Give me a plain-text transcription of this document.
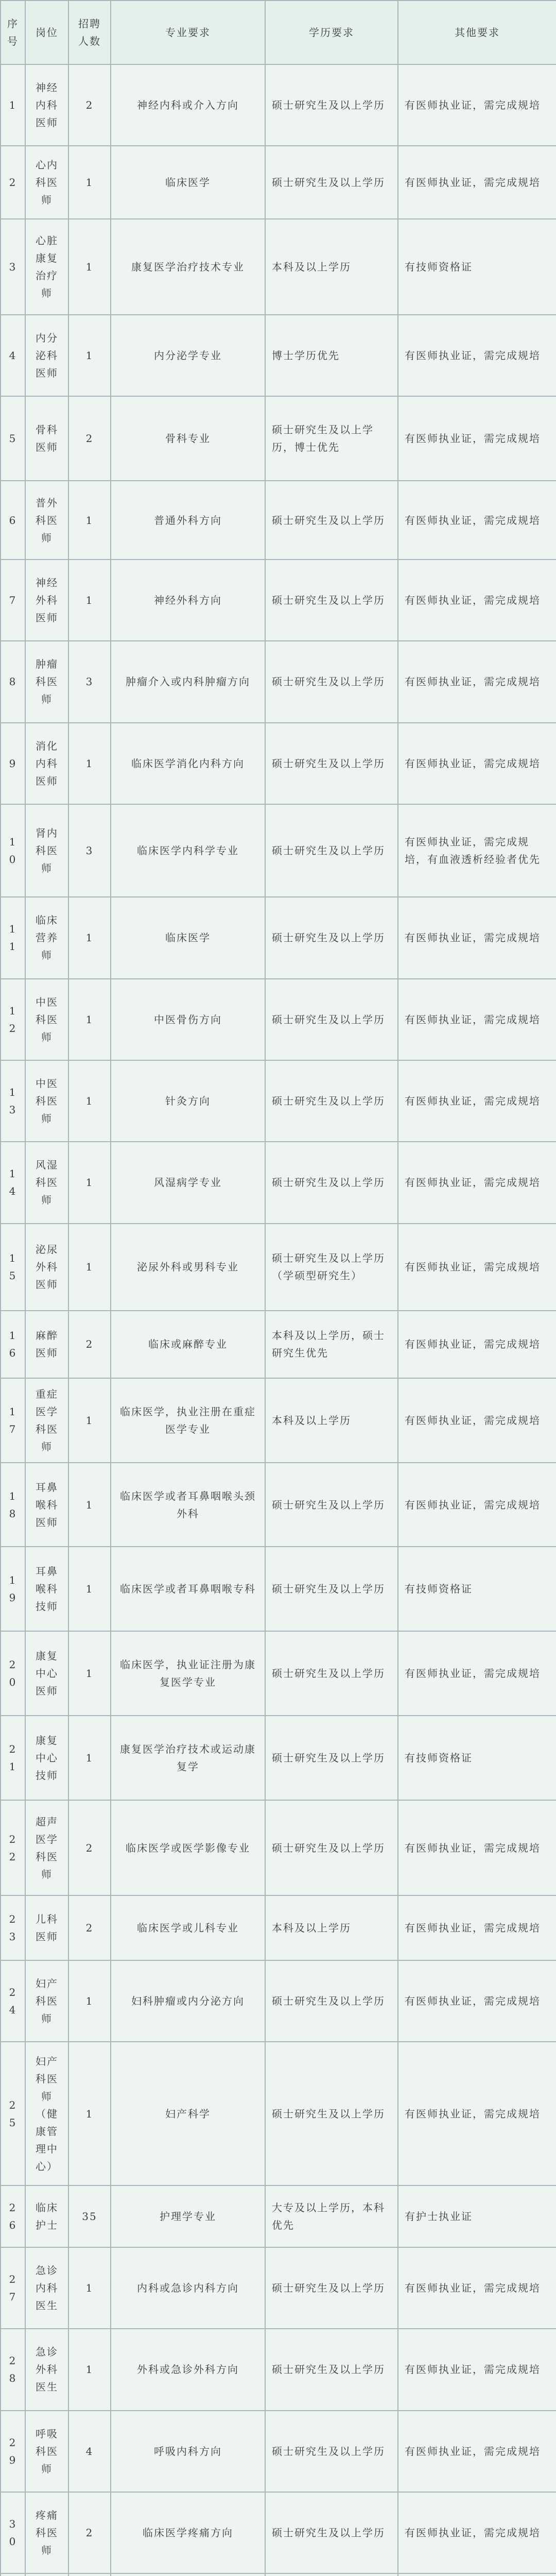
序号	岗位	招聘人数	专业要求	学历要求	其他要求
1	神经内科医师	2	神经内科或介入方向	硕士研究生及以上学历	有医师执业证，需完成规培
2	心内科医师	1	临床医学	硕士研究生及以上学历	有医师执业证，需完成规培
3	心脏康复治疗师	1	康复医学治疗技术专业	本科及以上学历	有技师资格证
4	内分泌科医师	1	内分泌学专业	博士学历优先	有医师执业证，需完成规培
5	骨科医师	2	骨科专业	硕士研究生及以上学历，博士优先	有医师执业证，需完成规培
6	普外科医师	1	普通外科方向	硕士研究生及以上学历	有医师执业证，需完成规培
7	神经外科医师	1	神经外科方向	硕士研究生及以上学历	有医师执业证，需完成规培
8	肿瘤科医师	3	肿瘤介入或内科肿瘤方向	硕士研究生及以上学历	有医师执业证，需完成规培
9	消化内科医师	1	临床医学消化内科方向	硕士研究生及以上学历	有医师执业证，需完成规培
10	肾内科医师	3	临床医学内科学专业	硕士研究生及以上学历	有医师执业证，需完成规培，有血液透析经验者优先
11	临床营养师	1	临床医学	硕士研究生及以上学历	有医师执业证，需完成规培
12	中医科医师	1	中医骨伤方向	硕士研究生及以上学历	有医师执业证，需完成规培
13	中医科医师	1	针灸方向	硕士研究生及以上学历	有医师执业证，需完成规培
14	风湿科医师	1	风湿病学专业	硕士研究生及以上学历	有医师执业证，需完成规培
15	泌尿外科医师	1	泌尿外科或男科专业	硕士研究生及以上学历（学硕型研究生）	有医师执业证，需完成规培
16	麻醉医师	2	临床或麻醉专业	本科及以上学历，硕士研究生优先	有医师执业证，需完成规培
17	重症医学科医师	1	临床医学，执业注册在重症医学专业	本科及以上学历	有医师执业证，需完成规培
18	耳鼻喉科医师	1	临床医学或者耳鼻咽喉头颈外科	硕士研究生及以上学历	有医师执业证，需完成规培
19	耳鼻喉科技师	1	临床医学或者耳鼻咽喉专科	硕士研究生及以上学历	有技师资格证
20	康复中心医师	1	临床医学，执业证注册为康复医学专业	硕士研究生及以上学历	有医师执业证，需完成规培
21	康复中心技师	1	康复医学治疗技术或运动康复学	硕士研究生及以上学历	有技师资格证
22	超声医学科医师	2	临床医学或医学影像专业	硕士研究生及以上学历	有医师执业证，需完成规培
23	儿科医师	2	临床医学或儿科专业	本科及以上学历	有医师执业证，需完成规培
24	妇产科医师	1	妇科肿瘤或内分泌方向	硕士研究生及以上学历	有医师执业证，需完成规培
25	妇产科医师（健康管理中心）	1	妇产科学	硕士研究生及以上学历	有医师执业证，需完成规培
26	临床护士	35	护理学专业	大专及以上学历，本科优先	有护士执业证
27	急诊内科医生	1	内科或急诊内科方向	硕士研究生及以上学历	有医师执业证，需完成规培
28	急诊外科医生	1	外科或急诊外科方向	硕士研究生及以上学历	有医师执业证，需完成规培
29	呼吸科医师	4	呼吸内科方向	硕士研究生及以上学历	有医师执业证，需完成规培
30	疼痛科医师	2	临床医学疼痛方向	硕士研究生及以上学历	有医师执业证，需完成规培
